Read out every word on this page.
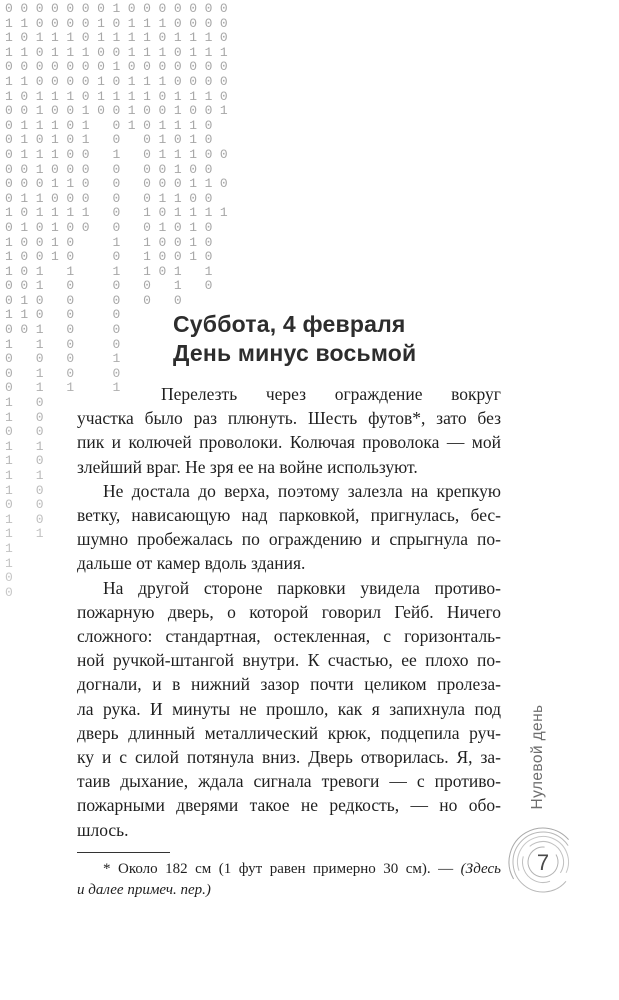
000000010000000
110000101110000
101110111101110
110111001110111
000000010000000
110000101110000
101110111101110
001001001001001
011101 0101110
010101 0 01010
011100 1 011100
001000 0 00100
000110 0 000110
011000 0 01100
101111 0 101111
010100 0 01010
10010  1 10010
10010  0 10010
101 1  1 101 1
001 0  0 0 1 0
010 0  0 0 0
110 0  0
001 0  0
1 1 0  0
0 0 0  1
0 1 0  0
0 1 1  1
1 0
1 0
0 0
1 1
1 0
1 1
1 0
0 0
1 0
1 1
1
1
0
0
Суббота, 4 февраля
День минус восьмой
Перелезть через ограждение вокруг
участка было раз плюнуть. Шесть футов*, зато без
пик и колючей проволоки. Колючая проволока — мой
злейший враг. Не зря ее на войне используют.
Не достала до верха, поэтому залезла на крепкую
ветку, нависающую над парковкой, пригнулась, бес-
шумно пробежалась по ограждению и спрыгнула по-
дальше от камер вдоль здания.
На другой стороне парковки увидела противо-
пожарную дверь, о которой говорил Гейб. Ничего
сложного: стандартная, остекленная, с горизонталь-
ной ручкой-штангой внутри. К счастью, ее плохо по-
догнали, и в нижний зазор почти целиком пролеза-
ла рука. И минуты не прошло, как я запихнула под
дверь длинный металлический крюк, подцепила руч-
ку и с силой потянула вниз. Дверь отворилась. Я, за-
таив дыхание, ждала сигнала тревоги — с противо-
пожарными дверями такое не редкость, — но обо-
шлось.
* Около 182 см (1 фут равен примерно 30 см). — (Здесь
и далее примеч. пер.)
Нулевой день
7
